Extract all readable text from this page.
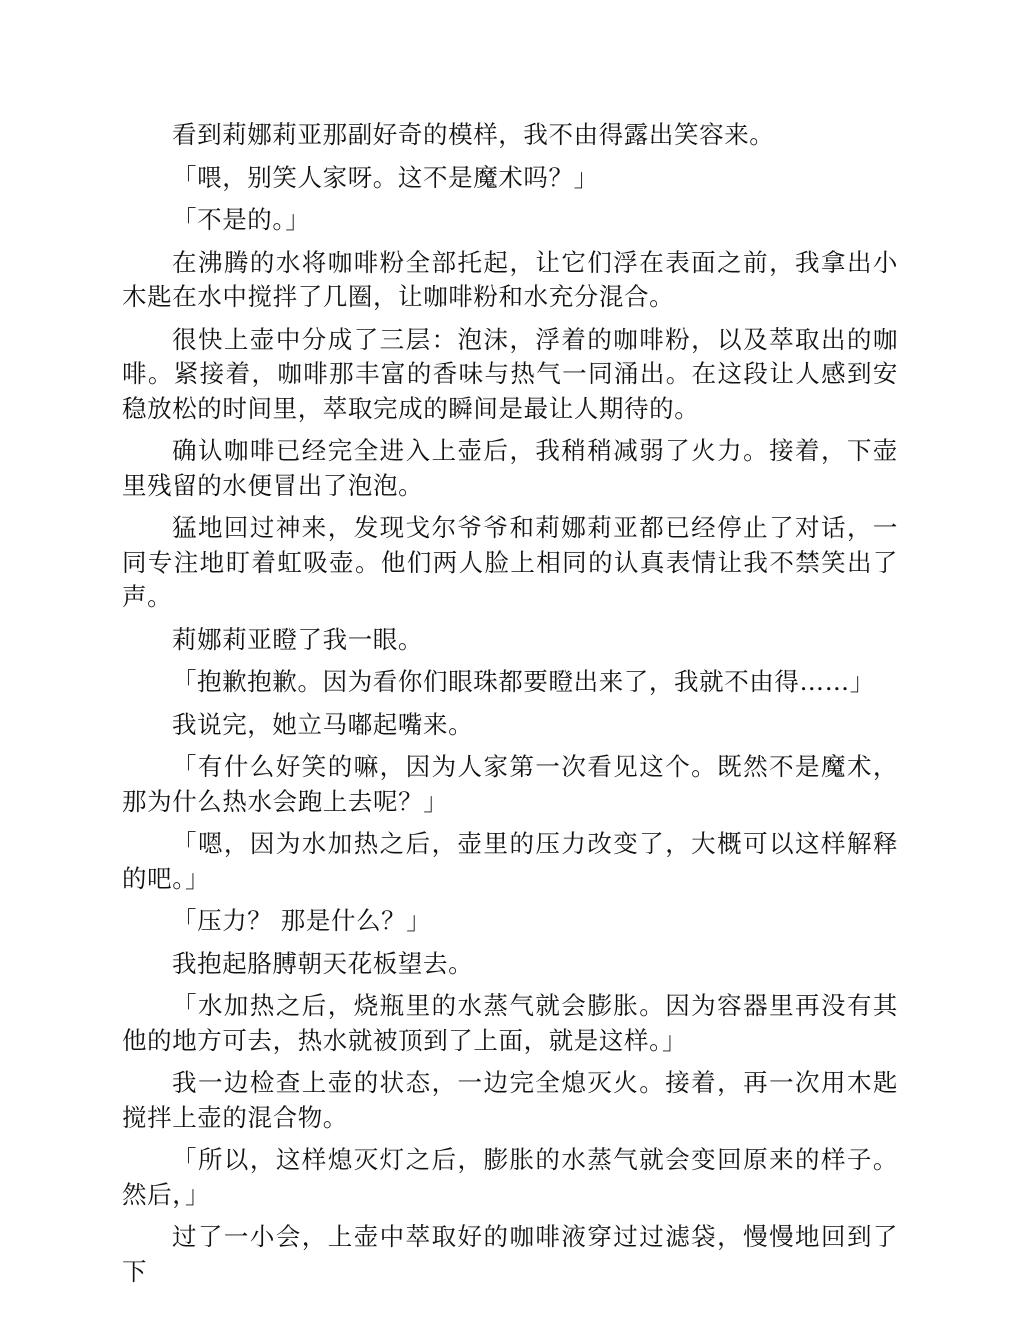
看到莉娜莉亚那副好奇的模样，我不由得露出笑容来。

「喂，别笑人家呀。这不是魔术吗？」

「不是的。」

在沸腾的水将咖啡粉全部托起，让它们浮在表面之前，我拿出小木匙在水中搅拌了几圈，让咖啡粉和水充分混合。

很快上壶中分成了三层：泡沫，浮着的咖啡粉，以及萃取出的咖啡。紧接着，咖啡那丰富的香味与热气一同涌出。在这段让人感到安稳放松的时间里，萃取完成的瞬间是最让人期待的。

确认咖啡已经完全进入上壶后，我稍稍减弱了火力。接着，下壶里残留的水便冒出了泡泡。

猛地回过神来，发现戈尔爷爷和莉娜莉亚都已经停止了对话，一同专注地盯着虹吸壶。他们两人脸上相同的认真表情让我不禁笑出了声。

莉娜莉亚瞪了我一眼。

「抱歉抱歉。因为看你们眼珠都要瞪出来了，我就不由得……」

我说完，她立马嘟起嘴来。

「有什么好笑的嘛，因为人家第一次看见这个。既然不是魔术，那为什么热水会跑上去呢？」

「嗯，因为水加热之后，壶里的压力改变了，大概可以这样解释的吧。」

「压力？ 那是什么？」

我抱起胳膊朝天花板望去。

「水加热之后，烧瓶里的水蒸气就会膨胀。因为容器里再没有其他的地方可去，热水就被顶到了上面，就是这样。」

我一边检查上壶的状态，一边完全熄灭火。接着，再一次用木匙搅拌上壶的混合物。

「所以，这样熄灭灯之后，膨胀的水蒸气就会变回原来的样子。然后，」

过了一小会，上壶中萃取好的咖啡液穿过过滤袋，慢慢地回到了下
